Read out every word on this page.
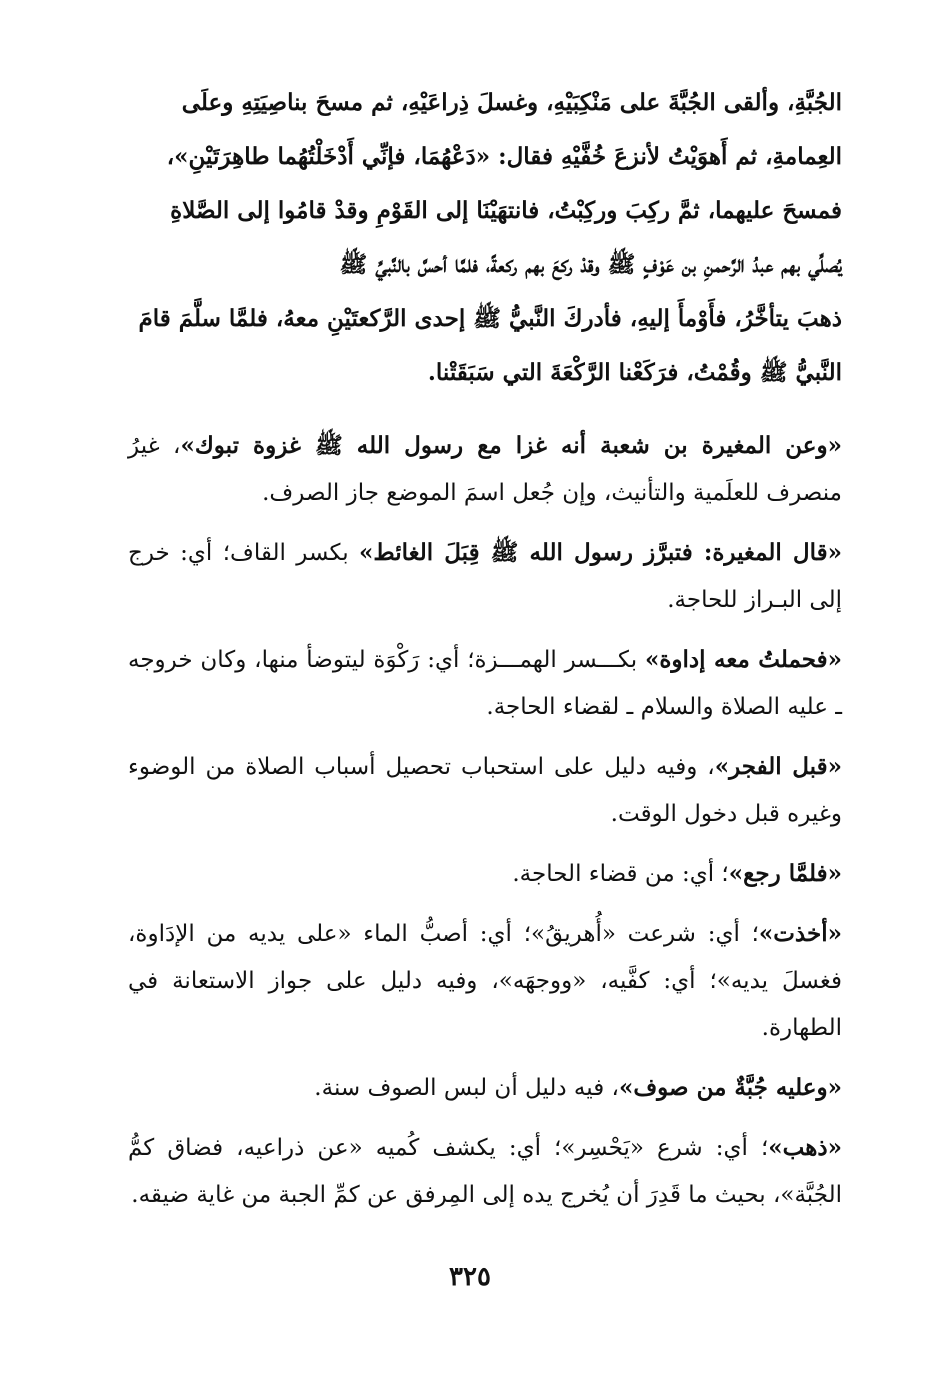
الجُبَّةِ، وألقى الجُبَّةَ على مَنْكِبَيْهِ، وغسلَ ذِراعَيْهِ، ثم مسحَ بناصِيَتِهِ وعلَى
العِمامةِ، ثم أَهوَيْتُ لأنزعَ خُفَّيْهِ فقال: «دَعْهُمَا، فإنِّي أَدْخَلْتُهُما طاهِرَتَيْنِ»،
فمسحَ عليهما، ثمَّ ركِبَ وركِبْتُ، فانتهَيْنَا إلى القَوْمِ وقدْ قامُوا إلى الصَّلاةِ
يُصلِّي بهم عبدُ الرَّحمنِ بن عَوْفٍ ﷺ وقدْ ركعَ بهم ركعةً، فلمَّا أحسَّ بالنَّبيِّ ﷺ
ذهبَ يتأخَّرُ، فأَوْمأَ إليهِ، فأدركَ النَّبيُّ ﷺ إحدى الرَّكعتَيْنِ معهُ، فلمَّا سلَّمَ قامَ
النَّبيُّ ﷺ وقُمْتُ، فرَكَعْنا الرَّكْعَةَ التي سَبَقَتْنا.

«وعن المغيرة بن شعبة أنه غزا مع رسول الله ﷺ غزوة تبوك»، غيرُ منصرف للعلَمية والتأنيث، وإن جُعل اسمَ الموضع جاز الصرف.

«قال المغيرة: فتبرَّز رسول الله ﷺ قِبَلَ الغائط» بكسر القاف؛ أي: خرج إلى البـراز للحاجة.

«فحملتُ معه إداوة» بكـــسر الهمـــزة؛ أي: رَكْوَة ليتوضأ منها، وكان خروجه ـ عليه الصلاة والسلام ـ لقضاء الحاجة.

«قبل الفجر»، وفيه دليل على استحباب تحصيل أسباب الصلاة من الوضوء وغيره قبل دخول الوقت.

«فلمَّا رجع»؛ أي: من قضاء الحاجة.

«أخذت»؛ أي: شرعت «أُهريقُ»؛ أي: أصبُّ الماء «على يديه من الإدَاوة، فغسلَ يديه»؛ أي: كفَّيه، «ووجهَه»، وفيه دليل على جواز الاستعانة في الطهارة.

«وعليه جُبَّةٌ من صوف»، فيه دليل أن لبس الصوف سنة.

«ذهب»؛ أي: شرع «يَحْسِر»؛ أي: يكشف كُميه «عن ذراعيه، فضاق كمُّ الجُبَّة»، بحيث ما قَدِرَ أن يُخرج يده إلى المِرفق عن كمِّ الجبة من غاية ضيقه.

٣٢٥
